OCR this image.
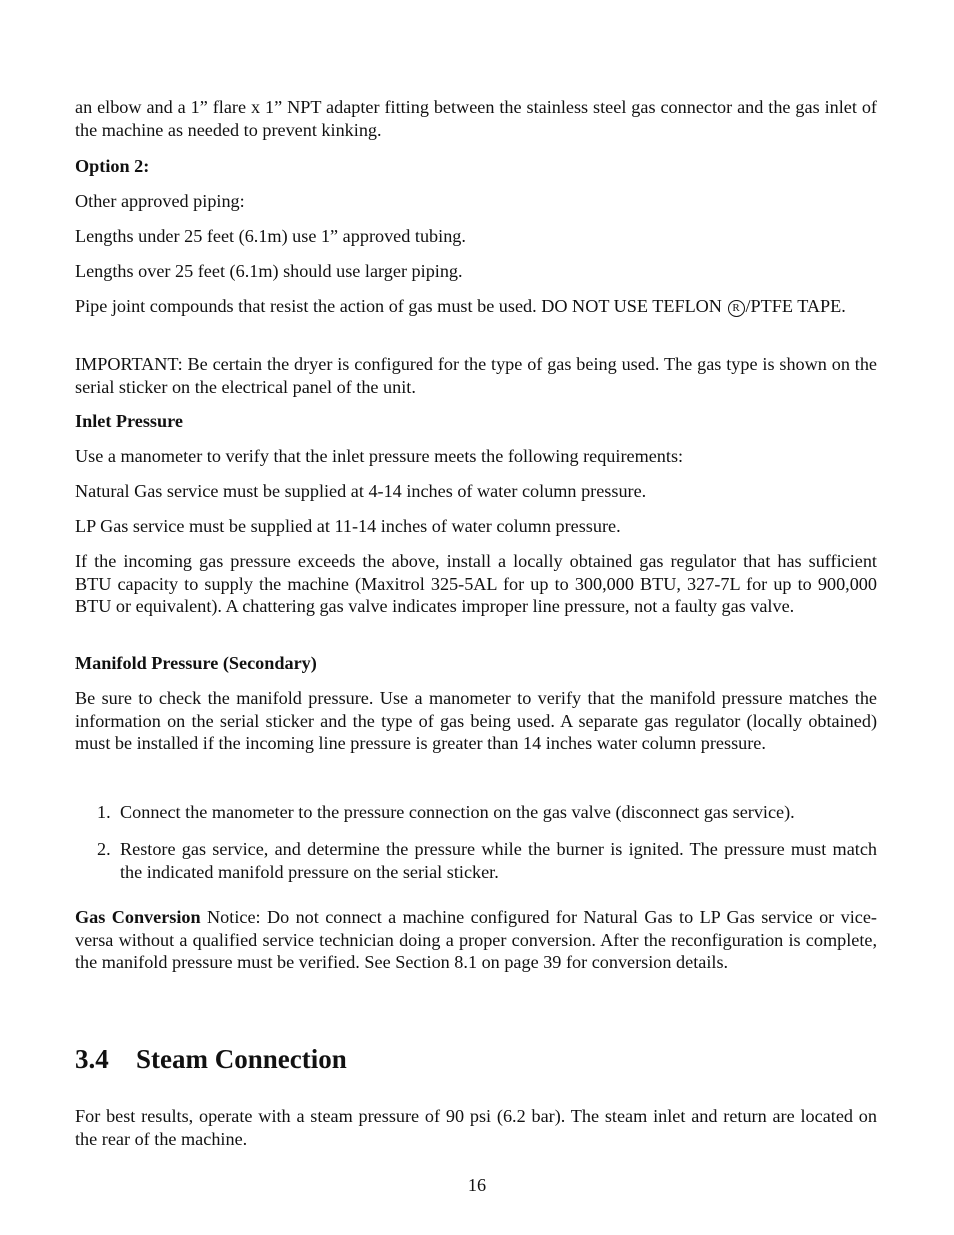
an elbow and a 1” flare x 1” NPT adapter fitting between the stainless steel gas connector and the gas inlet of the machine as needed to prevent kinking.

Option 2:

Other approved piping:

Lengths under 25 feet (6.1m) use 1” approved tubing.

Lengths over 25 feet (6.1m) should use larger piping.

Pipe joint compounds that resist the action of gas must be used. DO NOT USE TEFLON R /PTFE TAPE.

IMPORTANT: Be certain the dryer is configured for the type of gas being used. The gas type is shown on the serial sticker on the electrical panel of the unit.

Inlet Pressure

Use a manometer to verify that the inlet pressure meets the following requirements:

Natural Gas service must be supplied at 4-14 inches of water column pressure.

LP Gas service must be supplied at 11-14 inches of water column pressure.

If the incoming gas pressure exceeds the above, install a locally obtained gas regulator that has sufficient BTU capacity to supply the machine (Maxitrol 325-5AL for up to 300,000 BTU, 327-7L for up to 900,000 BTU or equivalent). A chattering gas valve indicates improper line pressure, not a faulty gas valve.

Manifold Pressure (Secondary)

Be sure to check the manifold pressure. Use a manometer to verify that the manifold pressure matches the information on the serial sticker and the type of gas being used. A separate gas regulator (locally obtained) must be installed if the incoming line pressure is greater than 14 inches water column pressure.

1. Connect the manometer to the pressure connection on the gas valve (disconnect gas service).

2. Restore gas service, and determine the pressure while the burner is ignited. The pressure must match the indicated manifold pressure on the serial sticker.

Gas Conversion Notice: Do not connect a machine configured for Natural Gas to LP Gas service or vice-versa without a qualified service technician doing a proper conversion. After the reconfiguration is complete, the manifold pressure must be verified. See Section 8.1 on page 39 for conversion details.

3.4 Steam Connection

For best results, operate with a steam pressure of 90 psi (6.2 bar). The steam inlet and return are located on the rear of the machine.

16
